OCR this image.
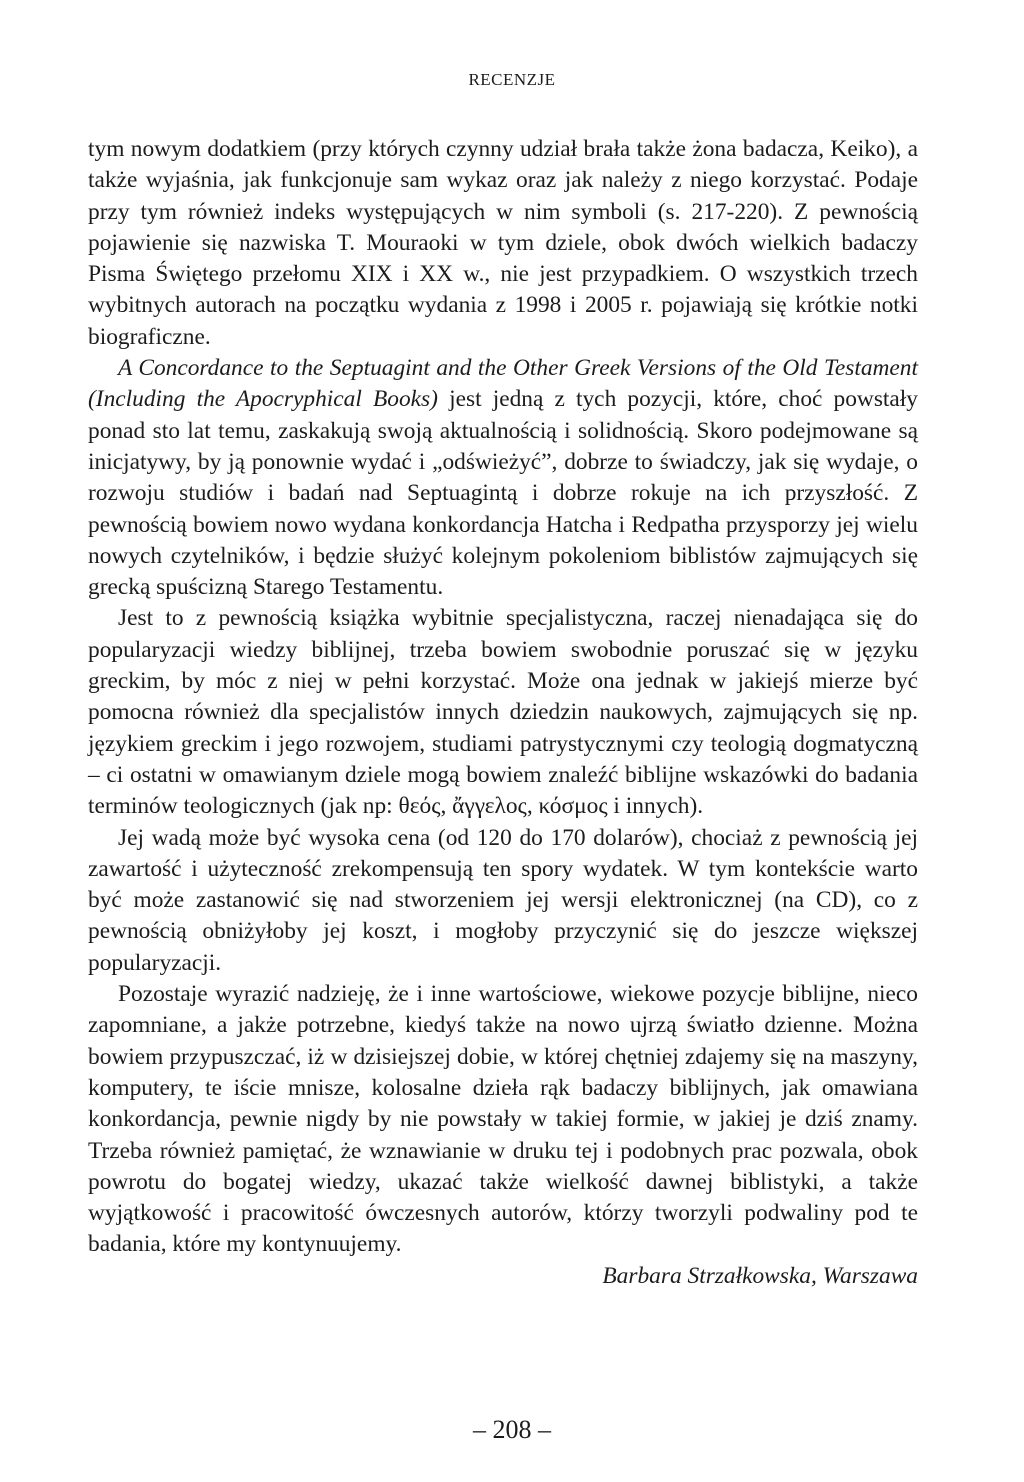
RECENZJE

tym nowym dodatkiem (przy których czynny udział brała także żona badacza, Keiko), a także wyjaśnia, jak funkcjonuje sam wykaz oraz jak należy z niego korzystać. Podaje przy tym również indeks występujących w nim symboli (s. 217-220). Z pewnością pojawienie się nazwiska T. Mouraoki w tym dziele, obok dwóch wielkich badaczy Pisma Świętego przełomu XIX i XX w., nie jest przypadkiem. O wszystkich trzech wybitnych autorach na początku wydania z 1998 i 2005 r. pojawiają się krótkie notki biograficzne.

A Concordance to the Septuagint and the Other Greek Versions of the Old Testament (Including the Apocryphical Books) jest jedną z tych pozycji, które, choć powstały ponad sto lat temu, zaskakują swoją aktualnością i solidnością. Skoro podejmowane są inicjatywy, by ją ponownie wydać i „odświeżyć”, dobrze to świadczy, jak się wydaje, o rozwoju studiów i badań nad Septuagintą i dobrze rokuje na ich przyszłość. Z pewnością bowiem nowo wydana konkordancja Hatcha i Redpatha przysporzy jej wielu nowych czytelników, i będzie służyć kolejnym pokoleniom biblistów zajmujących się grecką spuścizną Starego Testamentu.

Jest to z pewnością książka wybitnie specjalistyczna, raczej nienadająca się do popularyzacji wiedzy biblijnej, trzeba bowiem swobodnie poruszać się w języku greckim, by móc z niej w pełni korzystać. Może ona jednak w jakiejś mierze być pomocna również dla specjalistów innych dziedzin naukowych, zajmujących się np. językiem greckim i jego rozwojem, studiami patrystycznymi czy teologią dogmatyczną – ci ostatni w omawianym dziele mogą bowiem znaleźć biblijne wskazówki do badania terminów teologicznych (jak np: θεός, ἄγγελος, κόσμος i innych).

Jej wadą może być wysoka cena (od 120 do 170 dolarów), chociaż z pewnością jej zawartość i użyteczność zrekompensują ten spory wydatek. W tym kontekście warto być może zastanowić się nad stworzeniem jej wersji elektronicznej (na CD), co z pewnością obniżyłoby jej koszt, i mogłoby przyczynić się do jeszcze większej popularyzacji.

Pozostaje wyrazić nadzieję, że i inne wartościowe, wiekowe pozycje biblijne, nieco zapomniane, a jakże potrzebne, kiedyś także na nowo ujrzą światło dzienne. Można bowiem przypuszczać, iż w dzisiejszej dobie, w której chętniej zdajemy się na maszyny, komputery, te iście mnisze, kolosalne dzieła rąk badaczy biblijnych, jak omawiana konkordancja, pewnie nigdy by nie powstały w takiej formie, w jakiej je dziś znamy. Trzeba również pamiętać, że wznawianie w druku tej i podobnych prac pozwala, obok powrotu do bogatej wiedzy, ukazać także wielkość dawnej biblistyki, a także wyjątkowość i pracowitość ówczesnych autorów, którzy tworzyli podwaliny pod te badania, które my kontynuujemy.

Barbara Strzałkowska, Warszawa

– 208 –
